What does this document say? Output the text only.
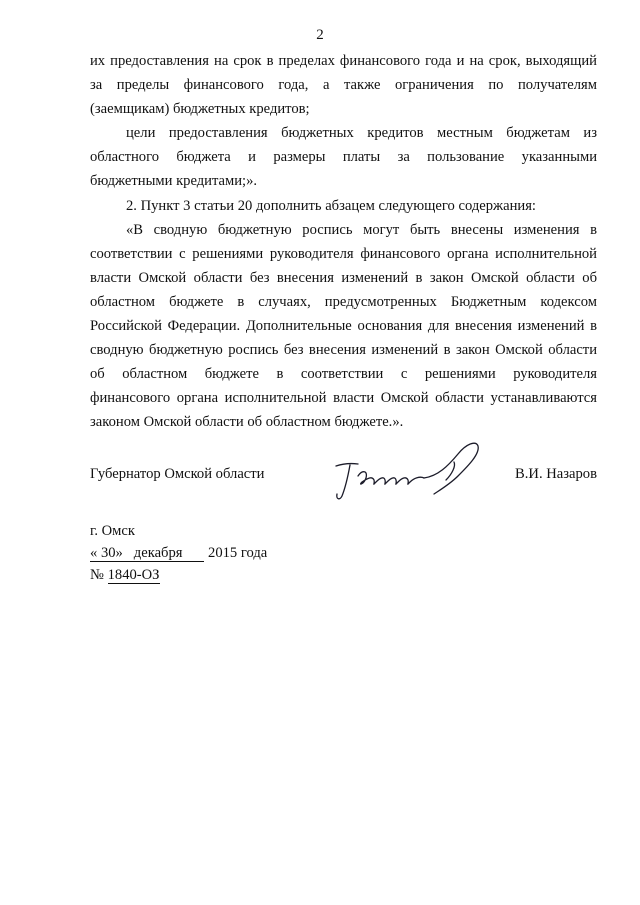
2
их предоставления на срок в пределах финансового года и на срок, выходящий
за пределы финансового года, а также ограничения по получателям
(заемщикам) бюджетных кредитов;
цели предоставления бюджетных кредитов местным бюджетам из
областного бюджета и размеры платы за пользование указанными
бюджетными кредитами;».
2. Пункт 3 статьи 20 дополнить абзацем следующего содержания:
«В сводную бюджетную роспись могут быть внесены изменения в
соответствии с решениями руководителя финансового органа исполнительной
власти Омской области без внесения изменений в закон Омской области об
областном бюджете в случаях, предусмотренных Бюджетным кодексом
Российской Федерации. Дополнительные основания для внесения изменений в
сводную бюджетную роспись без внесения изменений в закон Омской области
об областном бюджете в соответствии с решениями руководителя
финансового органа исполнительной власти Омской области устанавливаются
законом Омской области об областном бюджете.».
Губернатор Омской области	В.И. Назаров
г. Омск
« 30» декабря 2015 года
№ 1840-ОЗ
